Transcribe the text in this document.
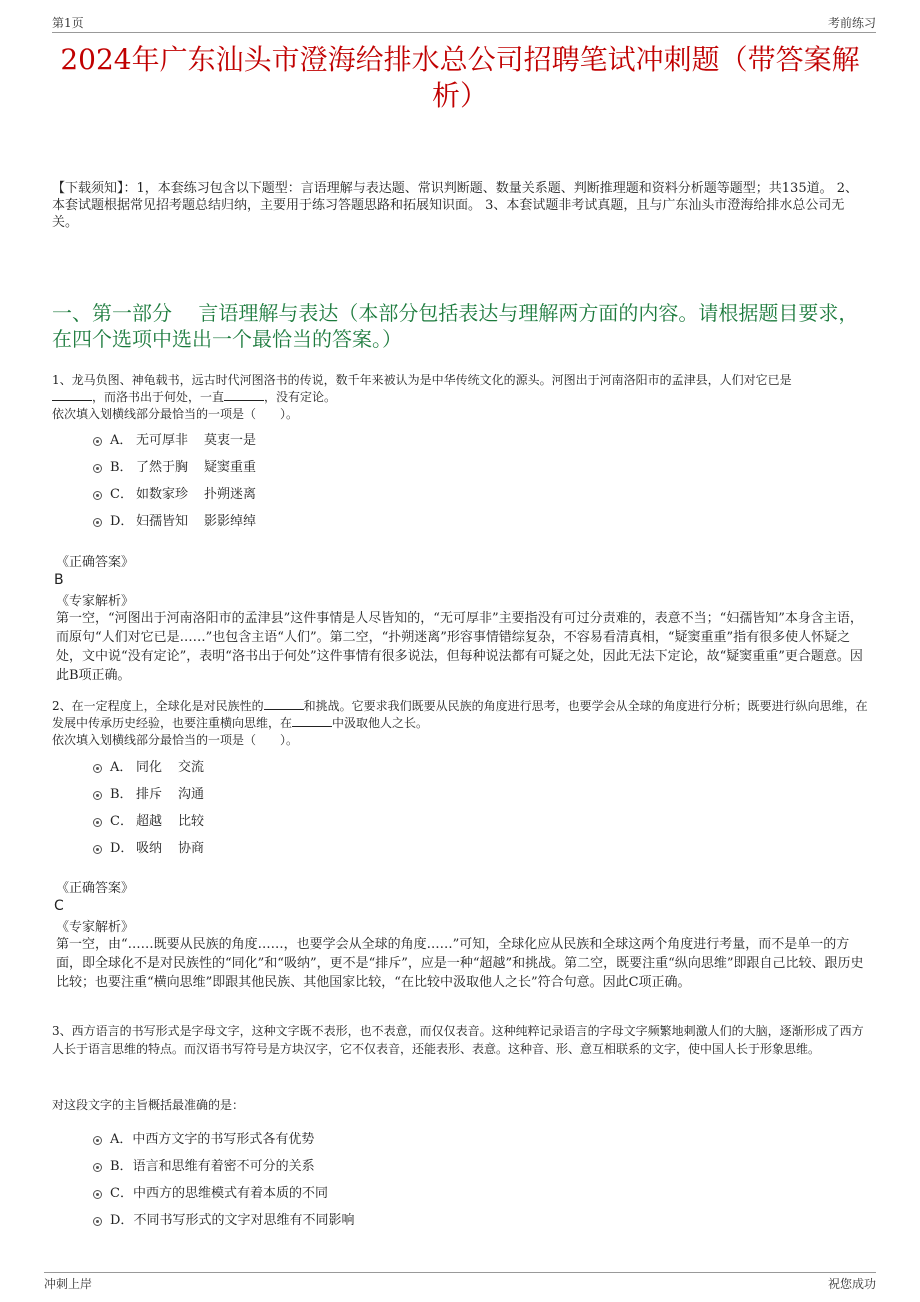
第1页	考前练习
2024年广东汕头市澄海给排水总公司招聘笔试冲刺题（带答案解析）
【下载须知】：1，本套练习包含以下题型：言语理解与表达题、常识判断题、数量关系题、判断推理题和资料分析题等题型；共135道。 2、本套试题根据常见招考题总结归纳，主要用于练习答题思路和拓展知识面。 3、本套试题非考试真题，且与广东汕头市澄海给排水总公司无关。
一、第一部分　 言语理解与表达（本部分包括表达与理解两方面的内容。请根据题目要求，在四个选项中选出一个最恰当的答案。）
1、龙马负图、神龟载书，远古时代河图洛书的传说，数千年来被认为是中华传统文化的源头。河图出于河南洛阳市的孟津县，人们对它已是
，而洛书出于何处，一直	，没有定论。
依次填入划横线部分最恰当的一项是（　　）。
A． 无可厚非 莫衷一是
B． 了然于胸 疑窦重重
C． 如数家珍 扑朔迷离
D． 妇孺皆知 影影绰绰
《正确答案》
B
《专家解析》
第一空，“河图出于河南洛阳市的孟津县”这件事情是人尽皆知的，“无可厚非”主要指没有可过分责难的，表意不当；“妇孺皆知”本身含主语，而原句“人们对它已是……”也包含主语“人们”。第二空，“扑朔迷离”形容事情错综复杂，不容易看清真相，“疑窦重重”指有很多使人怀疑之处，文中说“没有定论”，表明“洛书出于何处”这件事情有很多说法，但每种说法都有可疑之处，因此无法下定论，故“疑窦重重”更合题意。因此B项正确。
2、在一定程度上，全球化是对民族性的	和挑战。它要求我们既要从民族的角度进行思考，也要学会从全球的角度进行分析；既要进行纵向思维，在发展中传承历史经验，也要注重横向思维，在	中汲取他人之长。
依次填入划横线部分最恰当的一项是（　　）。
A． 同化 交流
B． 排斥 沟通
C． 超越 比较
D． 吸纳 协商
《正确答案》
C
《专家解析》
第一空，由“……既要从民族的角度……，也要学会从全球的角度……”可知，全球化应从民族和全球这两个角度进行考量，而不是单一的方面，即全球化不是对民族性的“同化”和“吸纳”，更不是“排斥”，应是一种“超越”和挑战。第二空，既要注重“纵向思维”即跟自己比较、跟历史比较；也要注重“横向思维”即跟其他民族、其他国家比较，“在比较中汲取他人之长”符合句意。因此C项正确。
3、西方语言的书写形式是字母文字，这种文字既不表形，也不表意，而仅仅表音。这种纯粹记录语言的字母文字频繁地刺激人们的大脑，逐渐形成了西方人长于语言思维的特点。而汉语书写符号是方块汉字，它不仅表音，还能表形、表意。这种音、形、意互相联系的文字，使中国人长于形象思维。
对这段文字的主旨概括最准确的是：
A．中西方文字的书写形式各有优势
B．语言和思维有着密不可分的关系
C．中西方的思维模式有着本质的不同
D．不同书写形式的文字对思维有不同影响
冲刺上岸	祝您成功
